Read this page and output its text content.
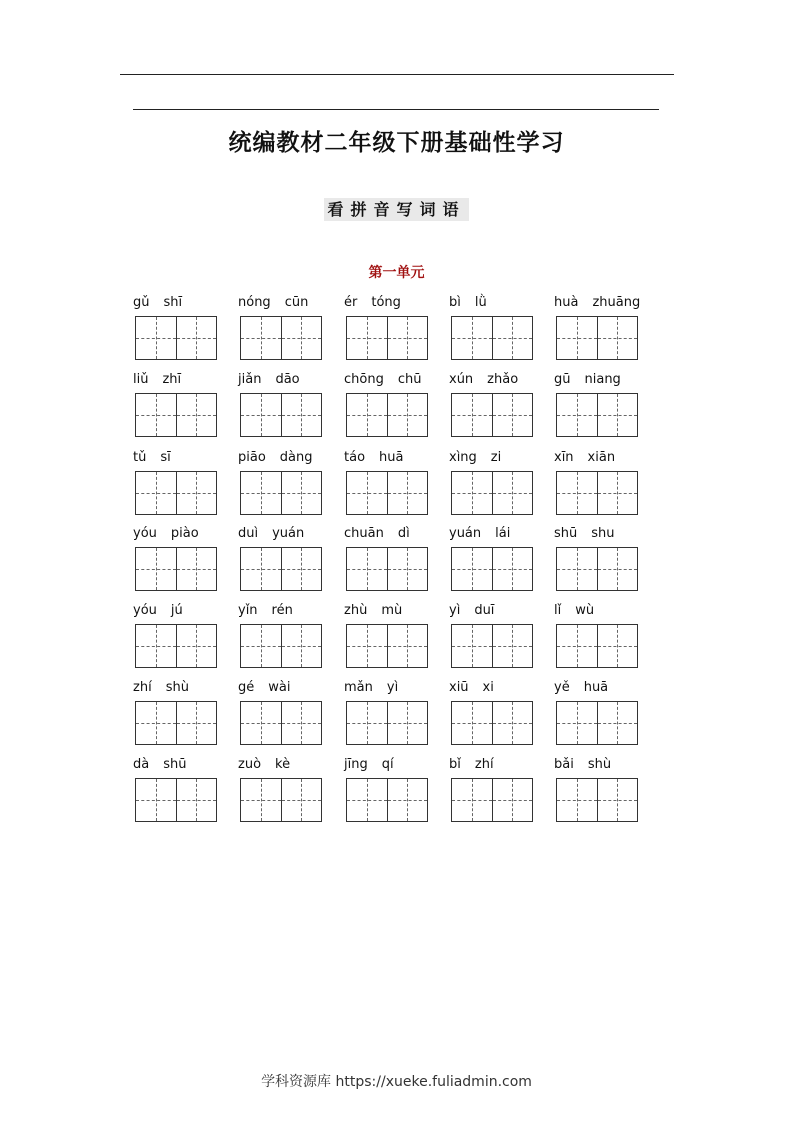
统编教材二年级下册基础性学习
看拼音写词语
第一单元
gǔ shī	nóng cūn	ér tóng	bì lǜ	huà zhuāng
liǔ zhī	jiǎn dāo	chōng chū	xún zhǎo	gū niang
tǔ sī	piāo dàng	táo huā	xìng zi	xīn xiān
yóu piào	duì yuán	chuān dì	yuán lái	shū shu
yóu jú	yǐn rén	zhù mù	yì duī	lǐ wù
zhí shù	gé wài	mǎn yì	xiū xi	yě huā
dà shū	zuò kè	jīng qí	bǐ zhí	bǎi shù
学科资源库 https://xueke.fuliadmin.com
